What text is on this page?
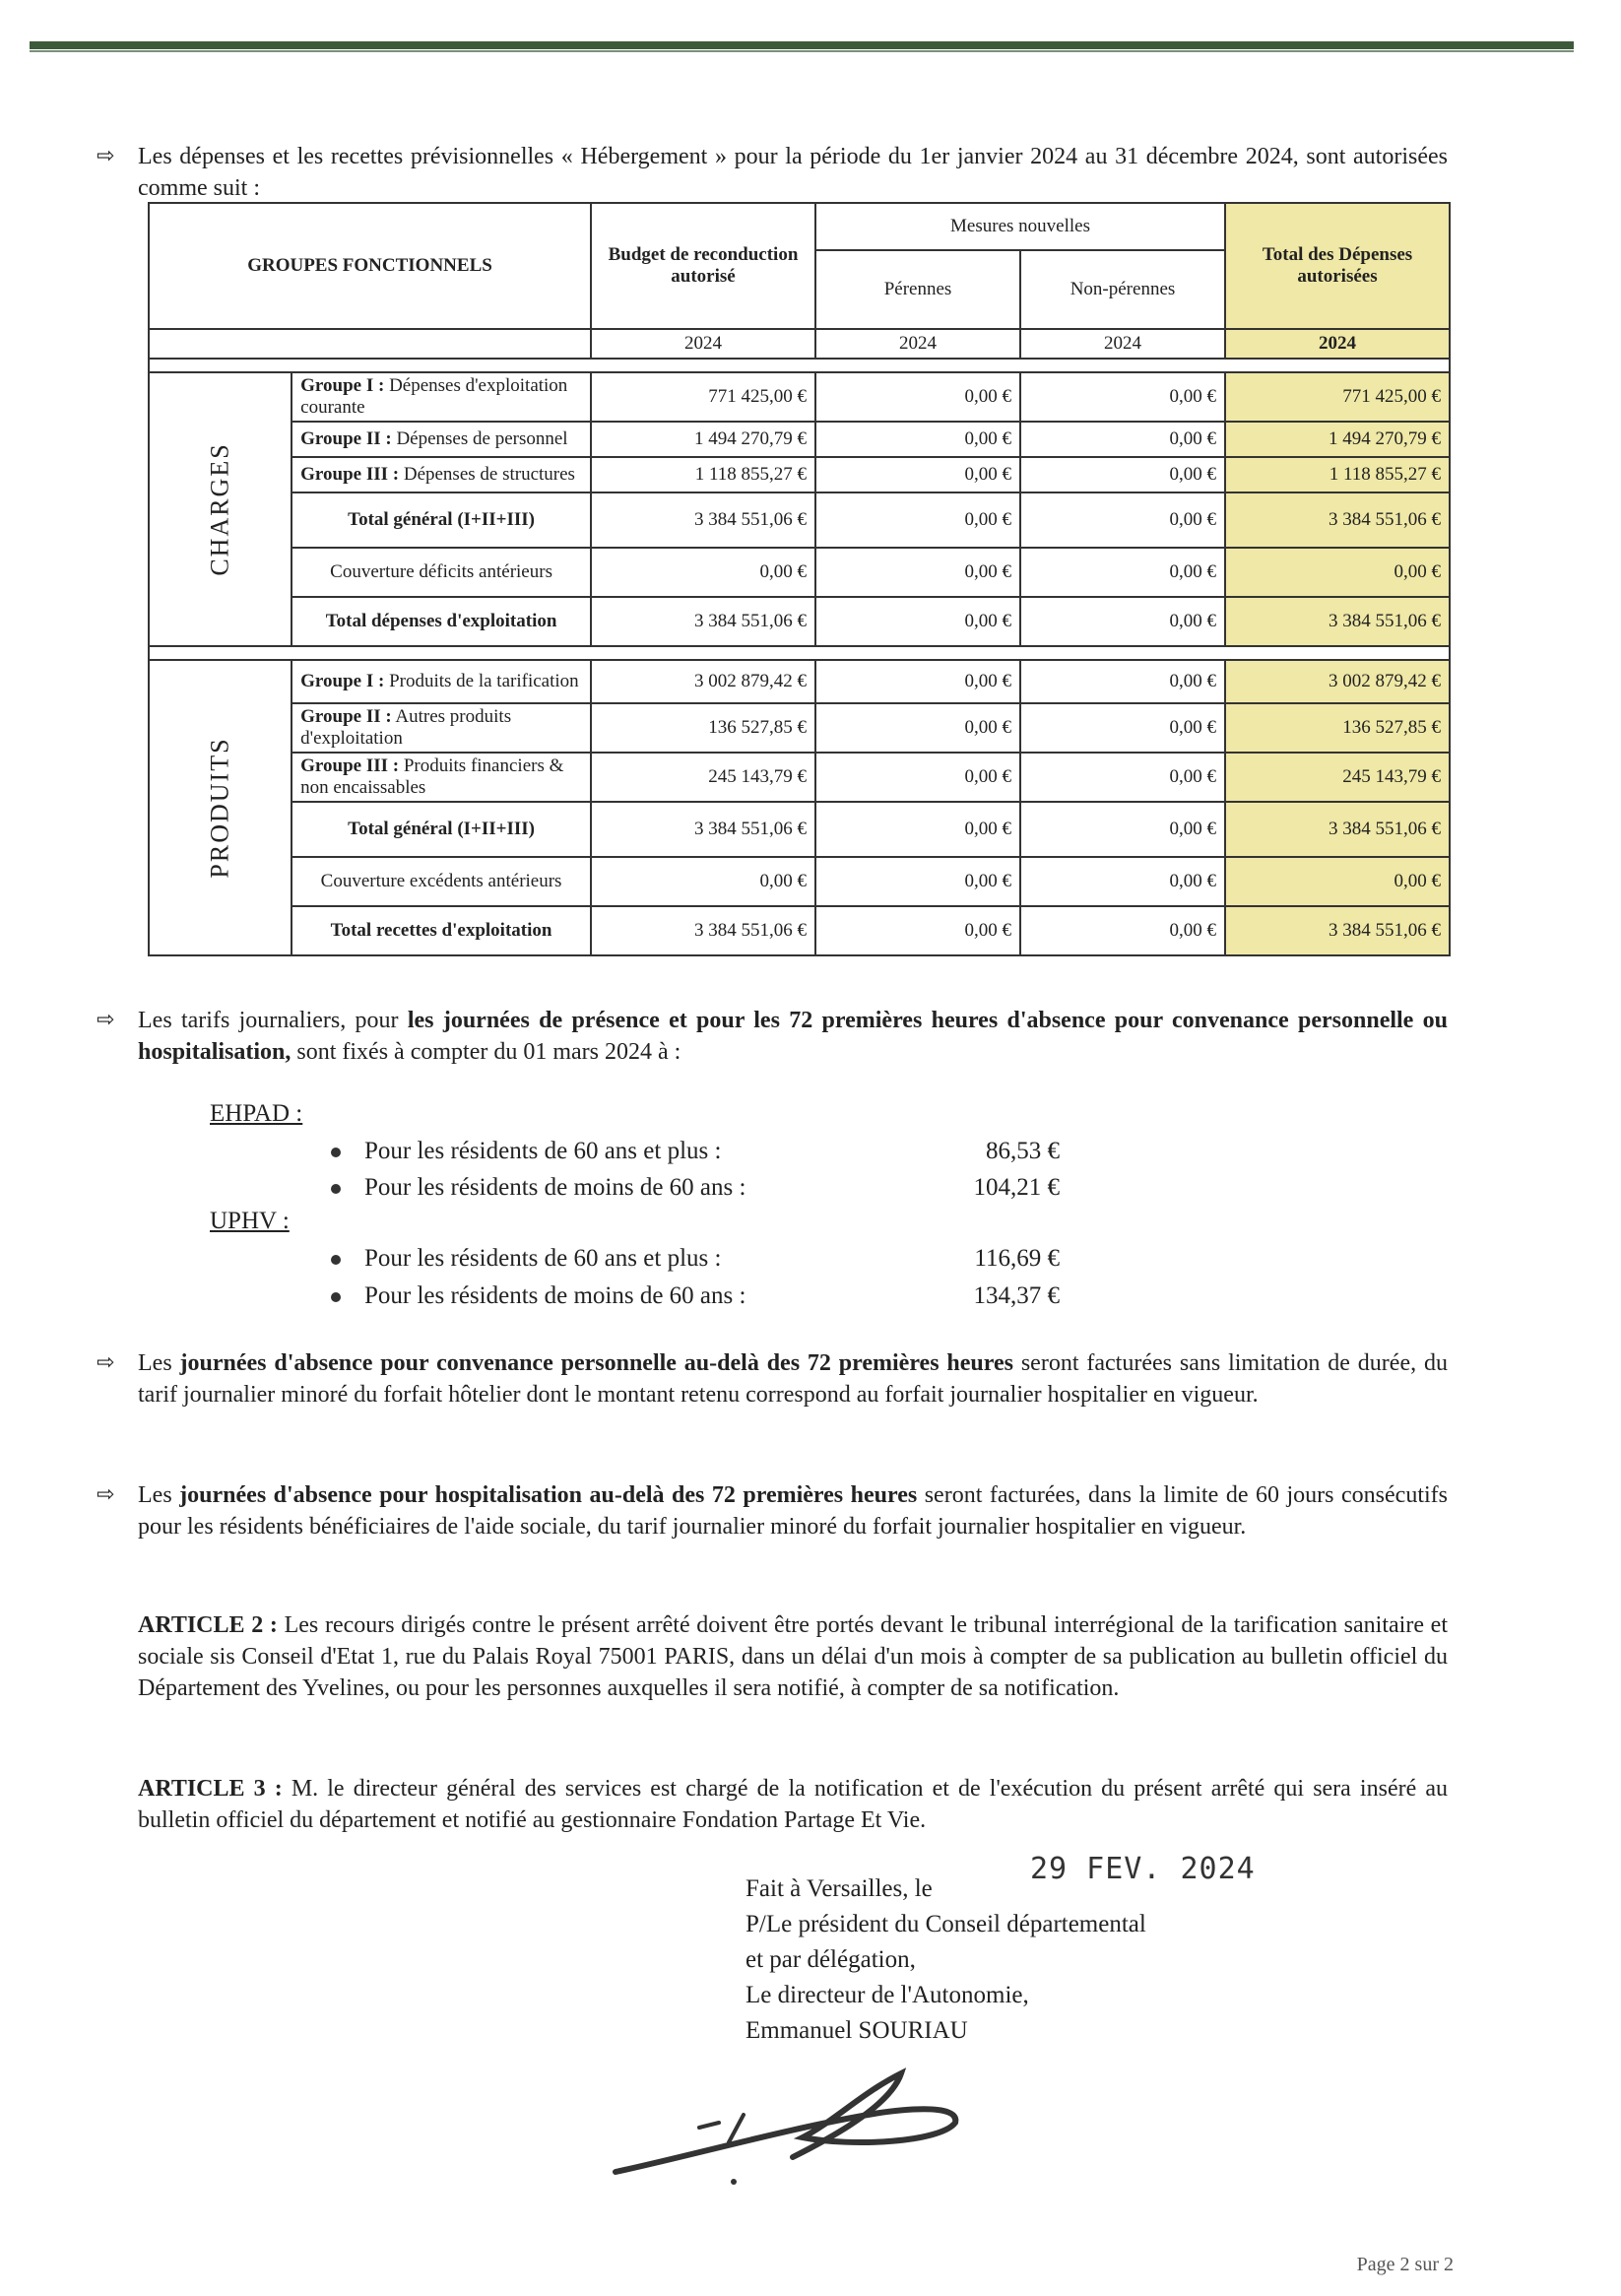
⇨ Les dépenses et les recettes prévisionnelles « Hébergement » pour la période du 1er janvier 2024 au 31 décembre 2024, sont autorisées comme suit :
GROUPES FONCTIONNELS		Budget de reconduction autorisé	Mesures nouvelles		Total des Dépenses autorisées
			Pérennes	Non-pérennes	
		2024	2024	2024	2024

CHARGES	Groupe I : Dépenses d'exploitation courante	771 425,00 €	0,00 €	0,00 €	771 425,00 €
	Groupe II : Dépenses de personnel	1 494 270,79 €	0,00 €	0,00 €	1 494 270,79 €
	Groupe III : Dépenses de structures	1 118 855,27 €	0,00 €	0,00 €	1 118 855,27 €
	Total général (I+II+III)	3 384 551,06 €	0,00 €	0,00 €	3 384 551,06 €
	Couverture déficits antérieurs	0,00 €	0,00 €	0,00 €	0,00 €
	Total dépenses d'exploitation	3 384 551,06 €	0,00 €	0,00 €	3 384 551,06 €

PRODUITS	Groupe I : Produits de la tarification	3 002 879,42 €	0,00 €	0,00 €	3 002 879,42 €
	Groupe II : Autres produits d'exploitation	136 527,85 €	0,00 €	0,00 €	136 527,85 €
	Groupe III : Produits financiers & non encaissables	245 143,79 €	0,00 €	0,00 €	245 143,79 €
	Total général (I+II+III)	3 384 551,06 €	0,00 €	0,00 €	3 384 551,06 €
	Couverture excédents antérieurs	0,00 €	0,00 €	0,00 €	0,00 €
	Total recettes d'exploitation	3 384 551,06 €	0,00 €	0,00 €	3 384 551,06 €
⇨ Les tarifs journaliers, pour les journées de présence et pour les 72 premières heures d'absence pour convenance personnelle ou hospitalisation, sont fixés à compter du 01 mars 2024 à :
EHPAD :
Pour les résidents de 60 ans et plus :	86,53 €
Pour les résidents de moins de 60 ans :	104,21 €
UPHV :
Pour les résidents de 60 ans et plus :	116,69 €
Pour les résidents de moins de 60 ans :	134,37 €
⇨ Les journées d'absence pour convenance personnelle au-delà des 72 premières heures seront facturées sans limitation de durée, du tarif journalier minoré du forfait hôtelier dont le montant retenu correspond au forfait journalier hospitalier en vigueur.
⇨ Les journées d'absence pour hospitalisation au-delà des 72 premières heures seront facturées, dans la limite de 60 jours consécutifs pour les résidents bénéficiaires de l'aide sociale, du tarif journalier minoré du forfait journalier hospitalier en vigueur.
ARTICLE 2 : Les recours dirigés contre le présent arrêté doivent être portés devant le tribunal interrégional de la tarification sanitaire et sociale sis Conseil d'Etat 1, rue du Palais Royal 75001 PARIS, dans un délai d'un mois à compter de sa publication au bulletin officiel du Département des Yvelines, ou pour les personnes auxquelles il sera notifié, à compter de sa notification.
ARTICLE 3 : M. le directeur général des services est chargé de la notification et de l'exécution du présent arrêté qui sera inséré au bulletin officiel du département et notifié au gestionnaire Fondation Partage Et Vie.
Fait à Versailles, le
P/Le président du Conseil départemental
et par délégation,
Le directeur de l'Autonomie,
Emmanuel SOURIAU
29 FEV. 2024
Page 2 sur 2
